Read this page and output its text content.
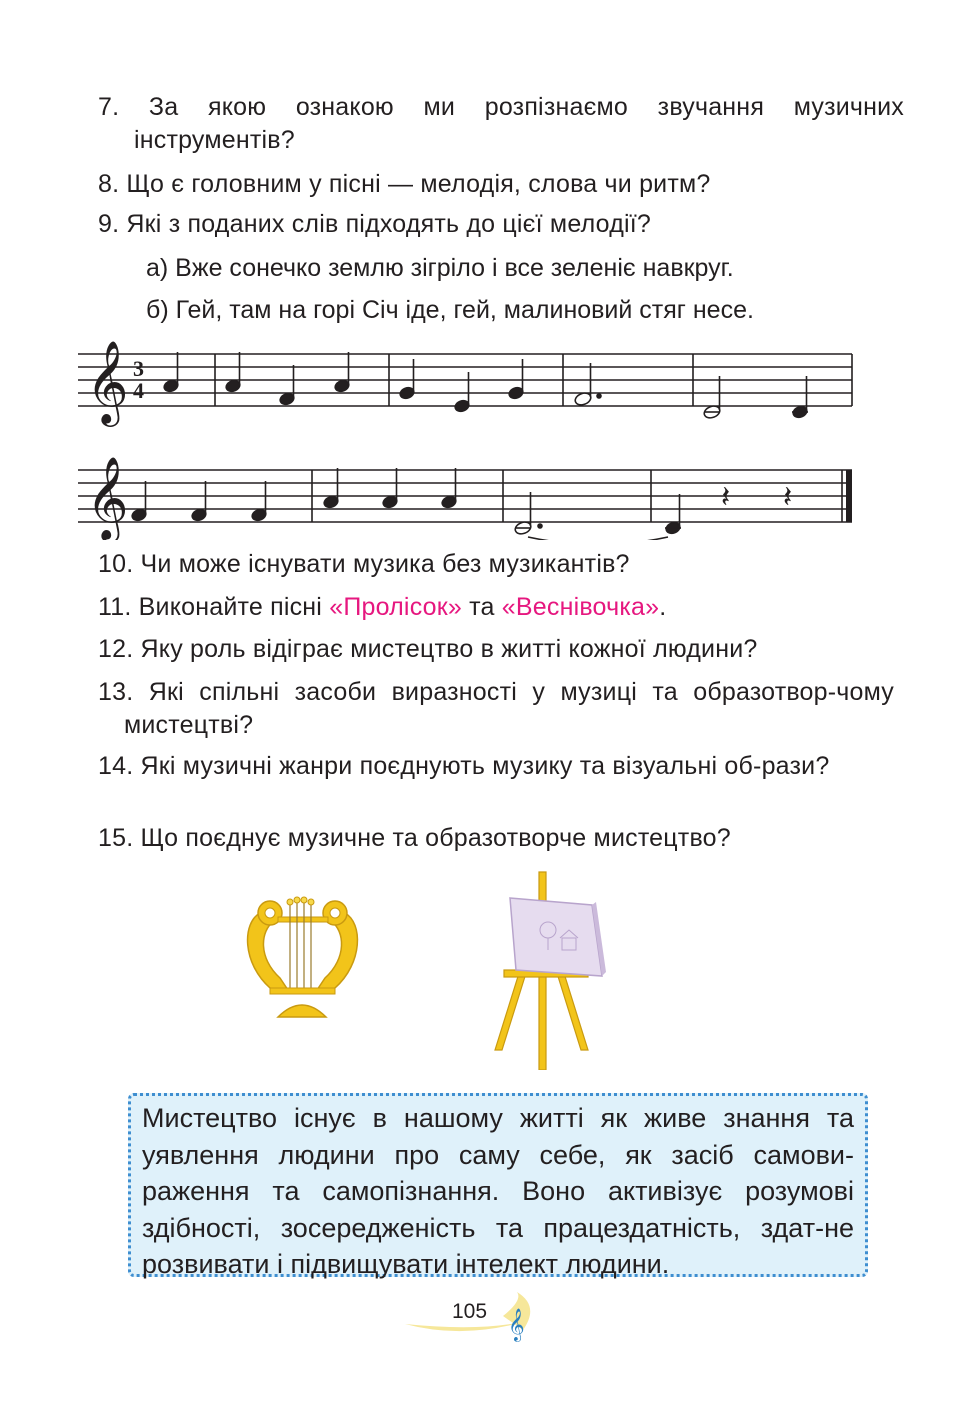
7. За якою ознакою ми розпізнаємо звучання музичних інструментів?
8. Що є головним у пісні — мелодія, слова чи ритм?
9. Які з поданих слів підходять до цієї мелодії?
а) Вже сонечко землю зігріло і все зеленіє навкруг.
б) Гей, там на горі Січ іде, гей, малиновий стяг несе.
𝄞 3
4
𝄞	𝄽 𝄽
10. Чи може існувати музика без музикантів?
11. Виконайте пісні «Пролісок» та «Веснівочка».
12. Яку роль відіграє мистецтво в житті кожної людини?
13. Які спільні засоби виразності у музиці та образотвор-чому мистецтві?
14. Які музичні жанри поєднують музику та візуальні об-рази?
15. Що поєднує музичне та образотворче мистецтво?
Мистецтво існує в нашому житті як живе знання та уявлення людини про саму себе, як засіб самови-раження та самопізнання. Воно активізує розумові здібності, зосередженість та працездатність, здат-не розвивати і підвищувати інтелект людини.
𝄞
105
